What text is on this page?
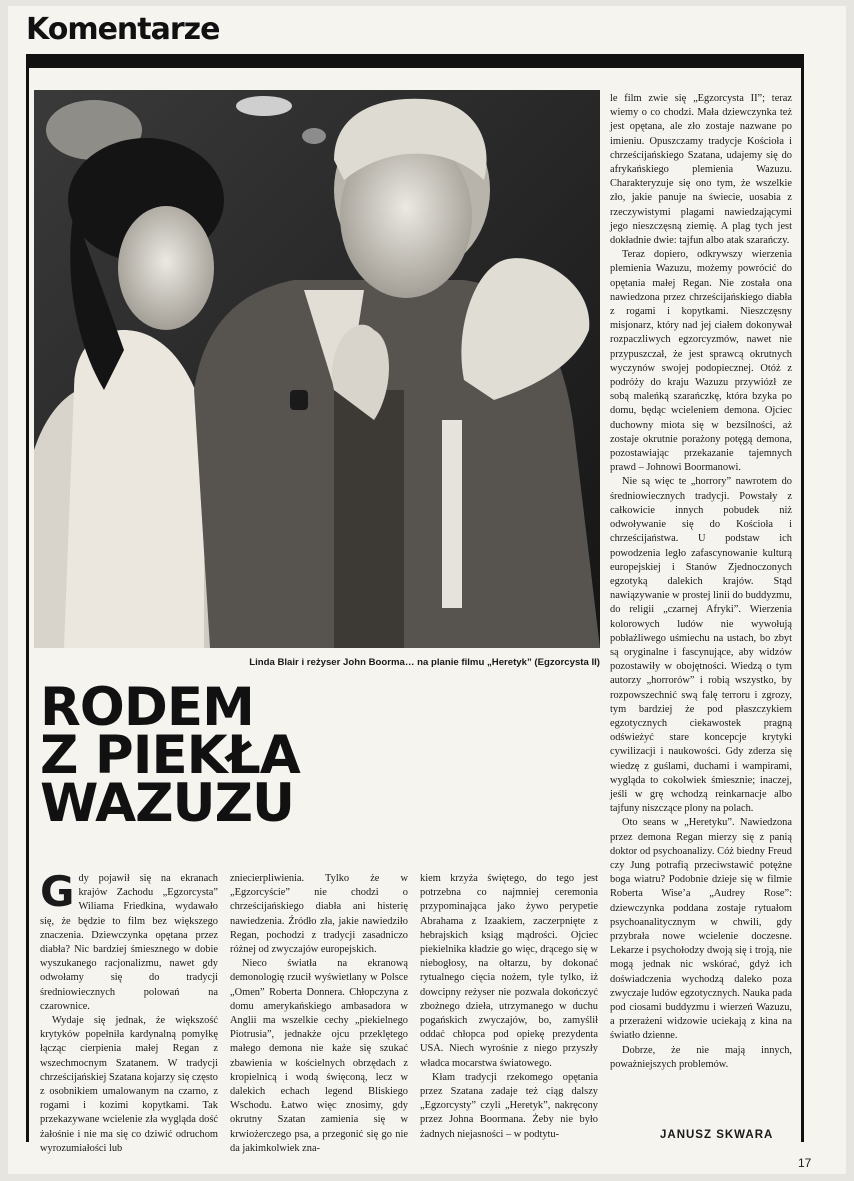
Komentarze
Linda Blair i reżyser John Boorma… na planie filmu „Heretyk” (Egzorcysta II)
RODEM
Z PIEKŁA
WAZUZU

Gdy pojawił się na ekranach krajów Zachodu „Egzorcysta” Wiliama Friedkina, wydawało się, że będzie to film bez większego znaczenia. Dziewczynka opętana przez diabła? Nic bardziej śmiesznego w dobie wyszukanego racjonalizmu, nawet gdy odwołamy się do tradycji średniowiecznych polowań na czarownice.

Wydaje się jednak, że większość krytyków popełniła kardynalną pomyłkę łącząc cierpienia małej Regan z wszechmocnym Szatanem. W tradycji chrześcijańskiej Szatana kojarzy się często z osobnikiem umalowanym na czarno, z rogami i kozimi kopytkami. Tak przekazywane wcielenie zła wygląda dość żałośnie i nie ma się co dziwić odruchom wyrozumiałości lub

zniecierpliwienia. Tylko że w „Egzorcyście” nie chodzi o chrześcijańskiego diabła ani histerię nawiedzenia. Źródło zła, jakie nawiedziło Regan, pochodzi z tradycji zasadniczo różnej od zwyczajów europejskich.

Nieco światła na ekranową demonologię rzucił wyświetlany w Polsce „Omen” Roberta Donnera. Chłopczyna z domu amerykańskiego ambasadora w Anglii ma wszelkie cechy „piekielnego Piotrusia”, jednakże ojcu przeklętego małego demona nie każe się szukać zbawienia w kościelnych obrzędach z kropielnicą i wodą święconą, lecz w dalekich echach legend Bliskiego Wschodu. Łatwo więc znosimy, gdy okrutny Szatan zamienia się w krwiożerczego psa, a przegonić się go nie da jakimkolwiek zna-

kiem krzyża świętego, do tego jest potrzebna co najmniej ceremonia przypominająca jako żywo perypetie Abrahama z Izaakiem, zaczerpnięte z hebrajskich ksiąg mądrości. Ojciec piekielnika kładzie go więc, drącego się w niebogłosy, na ołtarzu, by dokonać rytualnego cięcia nożem, tyle tylko, iż dowcipny reżyser nie pozwala dokończyć zbożnego dzieła, utrzymanego w duchu pogańskich zwyczajów, bo, zamyślił oddać chłopca pod opiekę prezydenta USA. Niech wyrośnie z niego przyszły władca mocarstwa światowego.

Kłam tradycji rzekomego opętania przez Szatana zadaje też ciąg dalszy „Egzorcysty” czyli „Heretyk”, nakręcony przez Johna Boormana. Żeby nie było żadnych niejasności – w podtytu-

le film zwie się „Egzorcysta II”; teraz wiemy o co chodzi. Mała dziewczynka też jest opętana, ale zło zostaje nazwane po imieniu. Opuszczamy tradycje Kościoła i chrześcijańskiego Szatana, udajemy się do afrykańskiego plemienia Wazuzu. Charakteryzuje się ono tym, że wszelkie zło, jakie panuje na świecie, uosabia z rzeczywistymi plagami nawiedzającymi jego nieszczęsną ziemię. A plag tych jest dokładnie dwie: tajfun albo atak szarańczy.

Teraz dopiero, odkrywszy wierzenia plemienia Wazuzu, możemy powrócić do opętania małej Regan. Nie została ona nawiedzona przez chrześcijańskiego diabła z rogami i kopytkami. Nieszczęsny misjonarz, który nad jej ciałem dokonywał rozpaczliwych egzorcyzmów, nawet nie przypuszczał, że jest sprawcą okrutnych wyczynów swojej podopiecznej. Otóż z podróży do kraju Wazuzu przywiózł ze sobą maleńką szarańczkę, która bzyka po domu, będąc wcieleniem demona. Ojciec duchowny miota się w bezsilności, aż zostaje okrutnie porażony potęgą demona, pozostawiając przekazanie tajemnych prawd – Johnowi Boormanowi.

Nie są więc te „horrory” nawrotem do średniowiecznych tradycji. Powstały z całkowicie innych pobudek niż odwoływanie się do Kościoła i chrześcijaństwa. U podstaw ich powodzenia legło zafascynowanie kulturą europejskiej i Stanów Zjednoczonych egzotyką dalekich krajów. Stąd nawiązywanie w prostej linii do buddyzmu, do religii „czarnej Afryki”. Wierzenia kolorowych ludów nie wywołują pobłażliwego uśmiechu na ustach, bo zbyt są oryginalne i fascynujące, aby widzów pozostawiły w obojętności. Wiedzą o tym autorzy „horrorów” i robią wszystko, by rozpowszechnić swą falę terroru i zgrozy, tym bardziej że pod płaszczykiem egzotycznych ciekawostek pragną odświeżyć stare koncepcje krytyki cywilizacji i naukowości. Gdy zderza się wiedzę z guślami, duchami i wampirami, wygląda to cokolwiek śmiesznie; inaczej, jeśli w grę wchodzą reinkarnacje albo tajfuny niszczące plony na polach.

Oto seans w „Heretyku”. Nawiedzona przez demona Regan mierzy się z panią doktor od psychoanalizy. Cóż biedny Freud czy Jung potrafią przeciwstawić potężne boga wiatru? Podobnie dzieje się w filmie Roberta Wise’a „Audrey Rose”: dziewczynka poddana zostaje rytuałom psychoanalitycznym w chwili, gdy przybrała nowe wcielenie doczesne. Lekarze i psychołodzy dwoją się i troją, nie mogą jednak nic wskórać, gdyż ich doświadczenia wychodzą daleko poza zwyczaje ludów egzotycznych. Nauka pada pod ciosami buddyzmu i wierzeń Wazuzu, a przerażeni widzowie uciekają z kina na światło dzienne.

Dobrze, że nie mają innych, poważniejszych problemów.

JANUSZ SKWARA
17
